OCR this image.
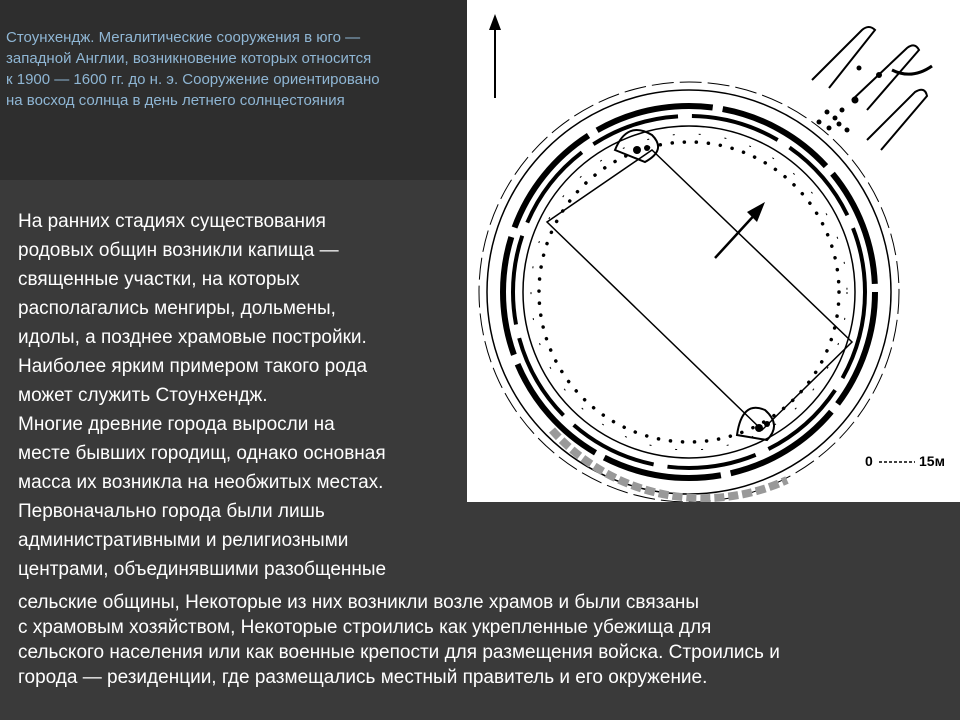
Стоунхендж. Мегалитические сооружения в юго —
западной Англии, возникновение которых относится
к 1900 — 1600 гг. до н. э. Сооружение ориентировано
на восход солнца в день летнего солнцестояния
0	15м
На ранних стадиях существования
родовых общин возникли капища —
священные участки, на которых
располагались менгиры, дольмены,
идолы, а позднее храмовые постройки.
Наиболее ярким примером такого рода
может служить Стоунхендж.
Многие древние города выросли на
месте бывших городищ, однако основная
масса их возникла на необжитых местах.
Первоначально города были лишь
административными и религиозными
центрами, объединявшими разобщенные
сельские общины, Некоторые из них возникли возле храмов и были связаны
с храмовым хозяйством, Некоторые строились как укрепленные убежища для
сельского населения или как военные крепости для размещения войска. Строились и
города — резиденции, где размещались местный правитель и его окружение.
